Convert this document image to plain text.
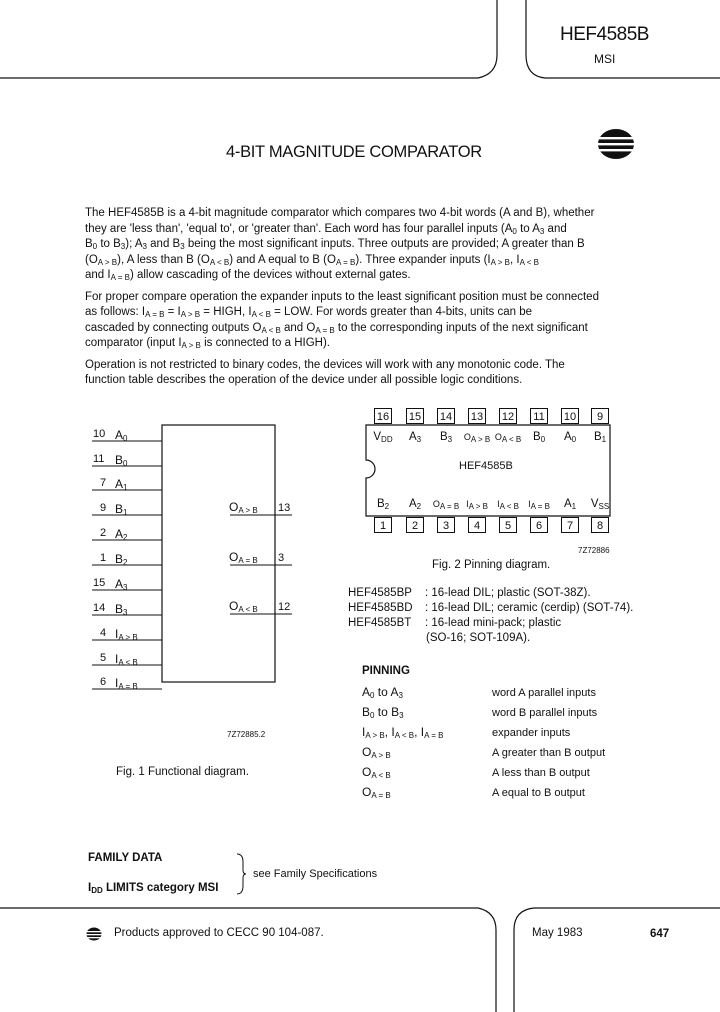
HEF4585B
MSI
4-BIT MAGNITUDE COMPARATOR

The HEF4585B is a 4-bit magnitude comparator which compares two 4-bit words (A and B), whether
they are 'less than', 'equal to', or 'greater than'. Each word has four parallel inputs ($A_0$ to $A_3$ and
$B_0$ to $B_3$); $A_3$ and $B_3$ being the most significant inputs. Three outputs are provided; A greater than B
$(O_{A > B})$, A less than B $(O_{A < B})$ and A equal to B $(O_{A = B})$. Three expander inputs ($I_{A > B}$, $I_{A < B}$
and $I_{A = B}$) allow cascading of the devices without external gates.

For proper compare operation the expander inputs to the least significant position must be connected
as follows: $I_{A = B} = I_{A > B}$ = HIGH, $I_{A < B}$ = LOW. For words greater than 4-bits, units can be
cascaded by connecting outputs $O_{A < B}$ and $O_{A = B}$ to the corresponding inputs of the next significant
comparator (input $I_{A > B}$ is connected to a HIGH).

Operation is not restricted to binary codes, the devices will work with any monotonic code. The
function table describes the operation of the device under all possible logic conditions.

10 $A_0$
11 $B_0$
7 $A_1$
9 $B_1$
2 $A_2$
1 $B_2$
15 $A_3$
14 $B_3$
4 $I_{A > B}$
5 $I_{A < B}$
6 $I_{A = B}$
$O_{A > B}$ 13
$O_{A = B}$ 3
$O_{A < B}$ 12
7Z72885.2
Fig. 1 Functional diagram.
16
$V_{DD}$
15
$A_3$
14
$B_3$
13
$O_{A > B}$
12
$O_{A < B}$
11
$B_0$
10
$A_0$
9
$B_1$
1
$B_2$
2
$A_2$
3
$O_{A = B}$
4
$I_{A > B}$
5
$I_{A < B}$
6
$I_{A = B}$
7
$A_1$
8
$V_{SS}$
HEF4585B
7Z72886
Fig. 2 Pinning diagram.
HEF4585BP : 16-lead DIL; plastic (SOT-38Z).
HEF4585BD : 16-lead DIL; ceramic (cerdip) (SOT-74).
HEF4585BT : 16-lead mini-pack; plastic
(SO-16; SOT-109A).
PINNING
$A_0$ to $A_3$	word A parallel inputs
$B_0$ to $B_3$	word B parallel inputs
$I_{A > B}$, $I_{A < B}$, $I_{A = B}$	expander inputs
$O_{A > B}$	A greater than B output
$O_{A < B}$	A less than B output
$O_{A = B}$	A equal to B output
FAMILY DATA
$I_{DD}$ LIMITS category MSI
see Family Specifications
Products approved to CECC 90 104-087.	May 1983	647
